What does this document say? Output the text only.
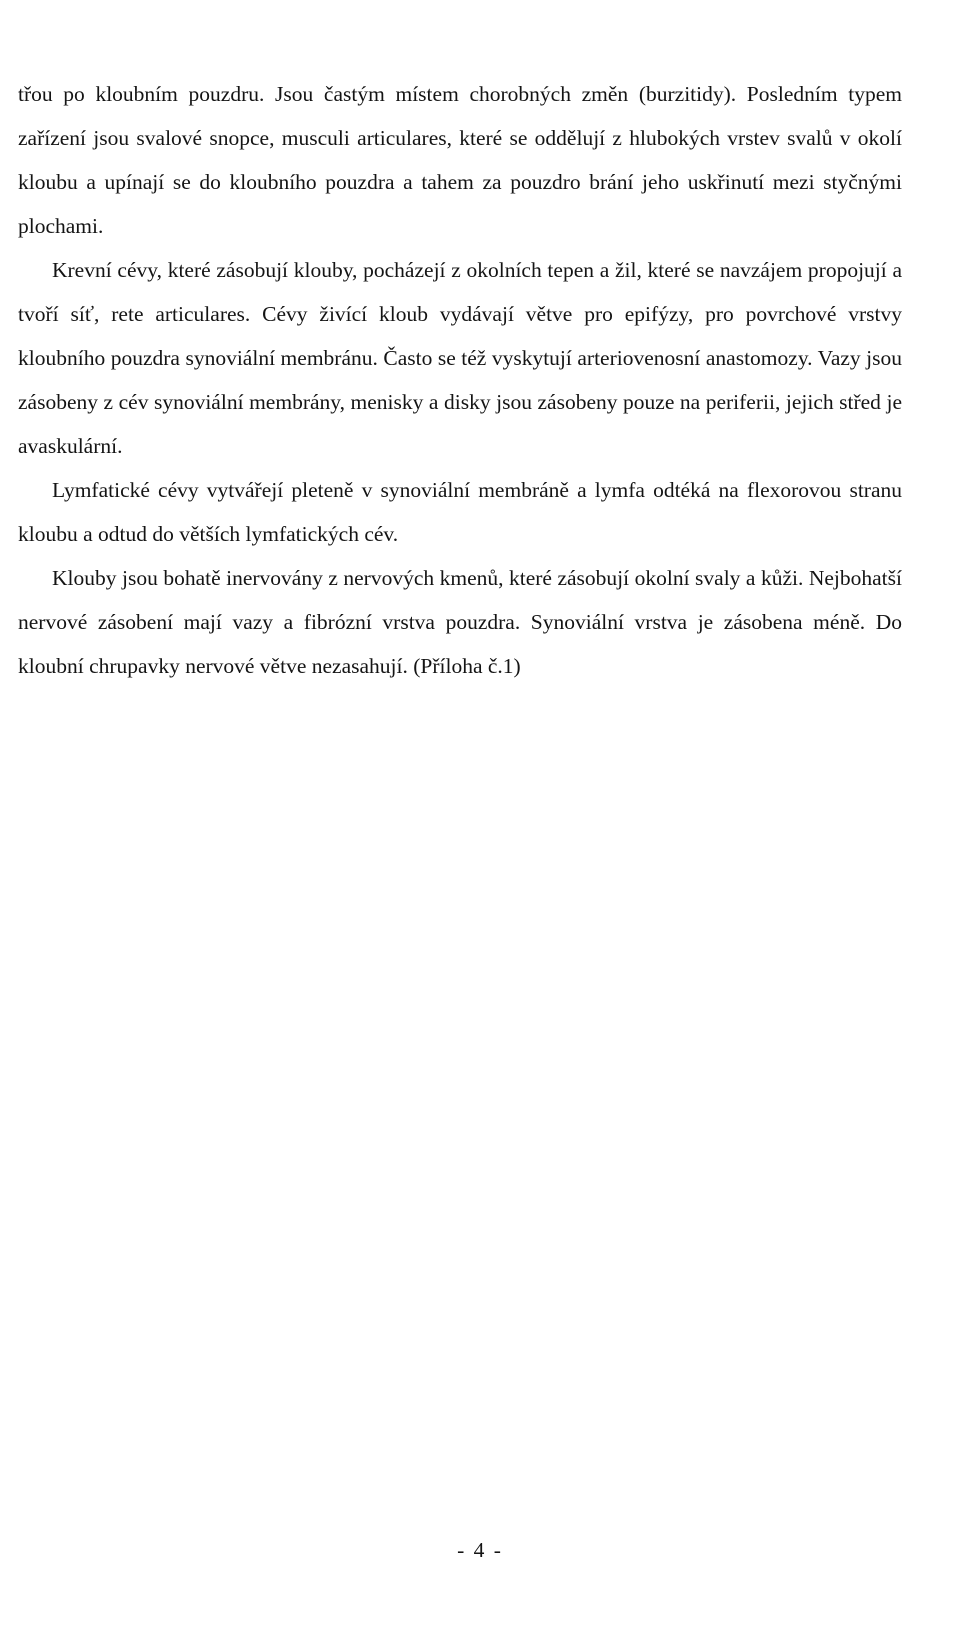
třou po kloubním pouzdru. Jsou častým místem chorobných změn (burzitidy). Posledním typem zařízení jsou svalové snopce, musculi articulares, které se oddělují z hlubokých vrstev svalů v okolí kloubu a upínají se do kloubního pouzdra a tahem za pouzdro brání jeho uskřinutí mezi styčnými plochami.

Krevní cévy, které zásobují klouby, pocházejí z okolních tepen a žil, které se navzájem propojují a tvoří síť, rete articulares. Cévy živící kloub vydávají větve pro epifýzy, pro povrchové vrstvy kloubního pouzdra synoviální membránu. Často se též vyskytují arteriovenosní anastomozy. Vazy jsou zásobeny z cév synoviální membrány, menisky a disky jsou zásobeny pouze na periferii, jejich střed je avaskulární.

Lymfatické cévy vytvářejí pleteně v synoviální membráně a lymfa odtéká na flexorovou stranu kloubu a odtud do větších lymfatických cév.

Klouby jsou bohatě inervovány z nervových kmenů, které zásobují okolní svaly a kůži. Nejbohatší nervové zásobení mají vazy a fibrózní vrstva pouzdra. Synoviální vrstva je zásobena méně. Do kloubní chrupavky nervové větve nezasahují. (Příloha č.1)

- 4 -
